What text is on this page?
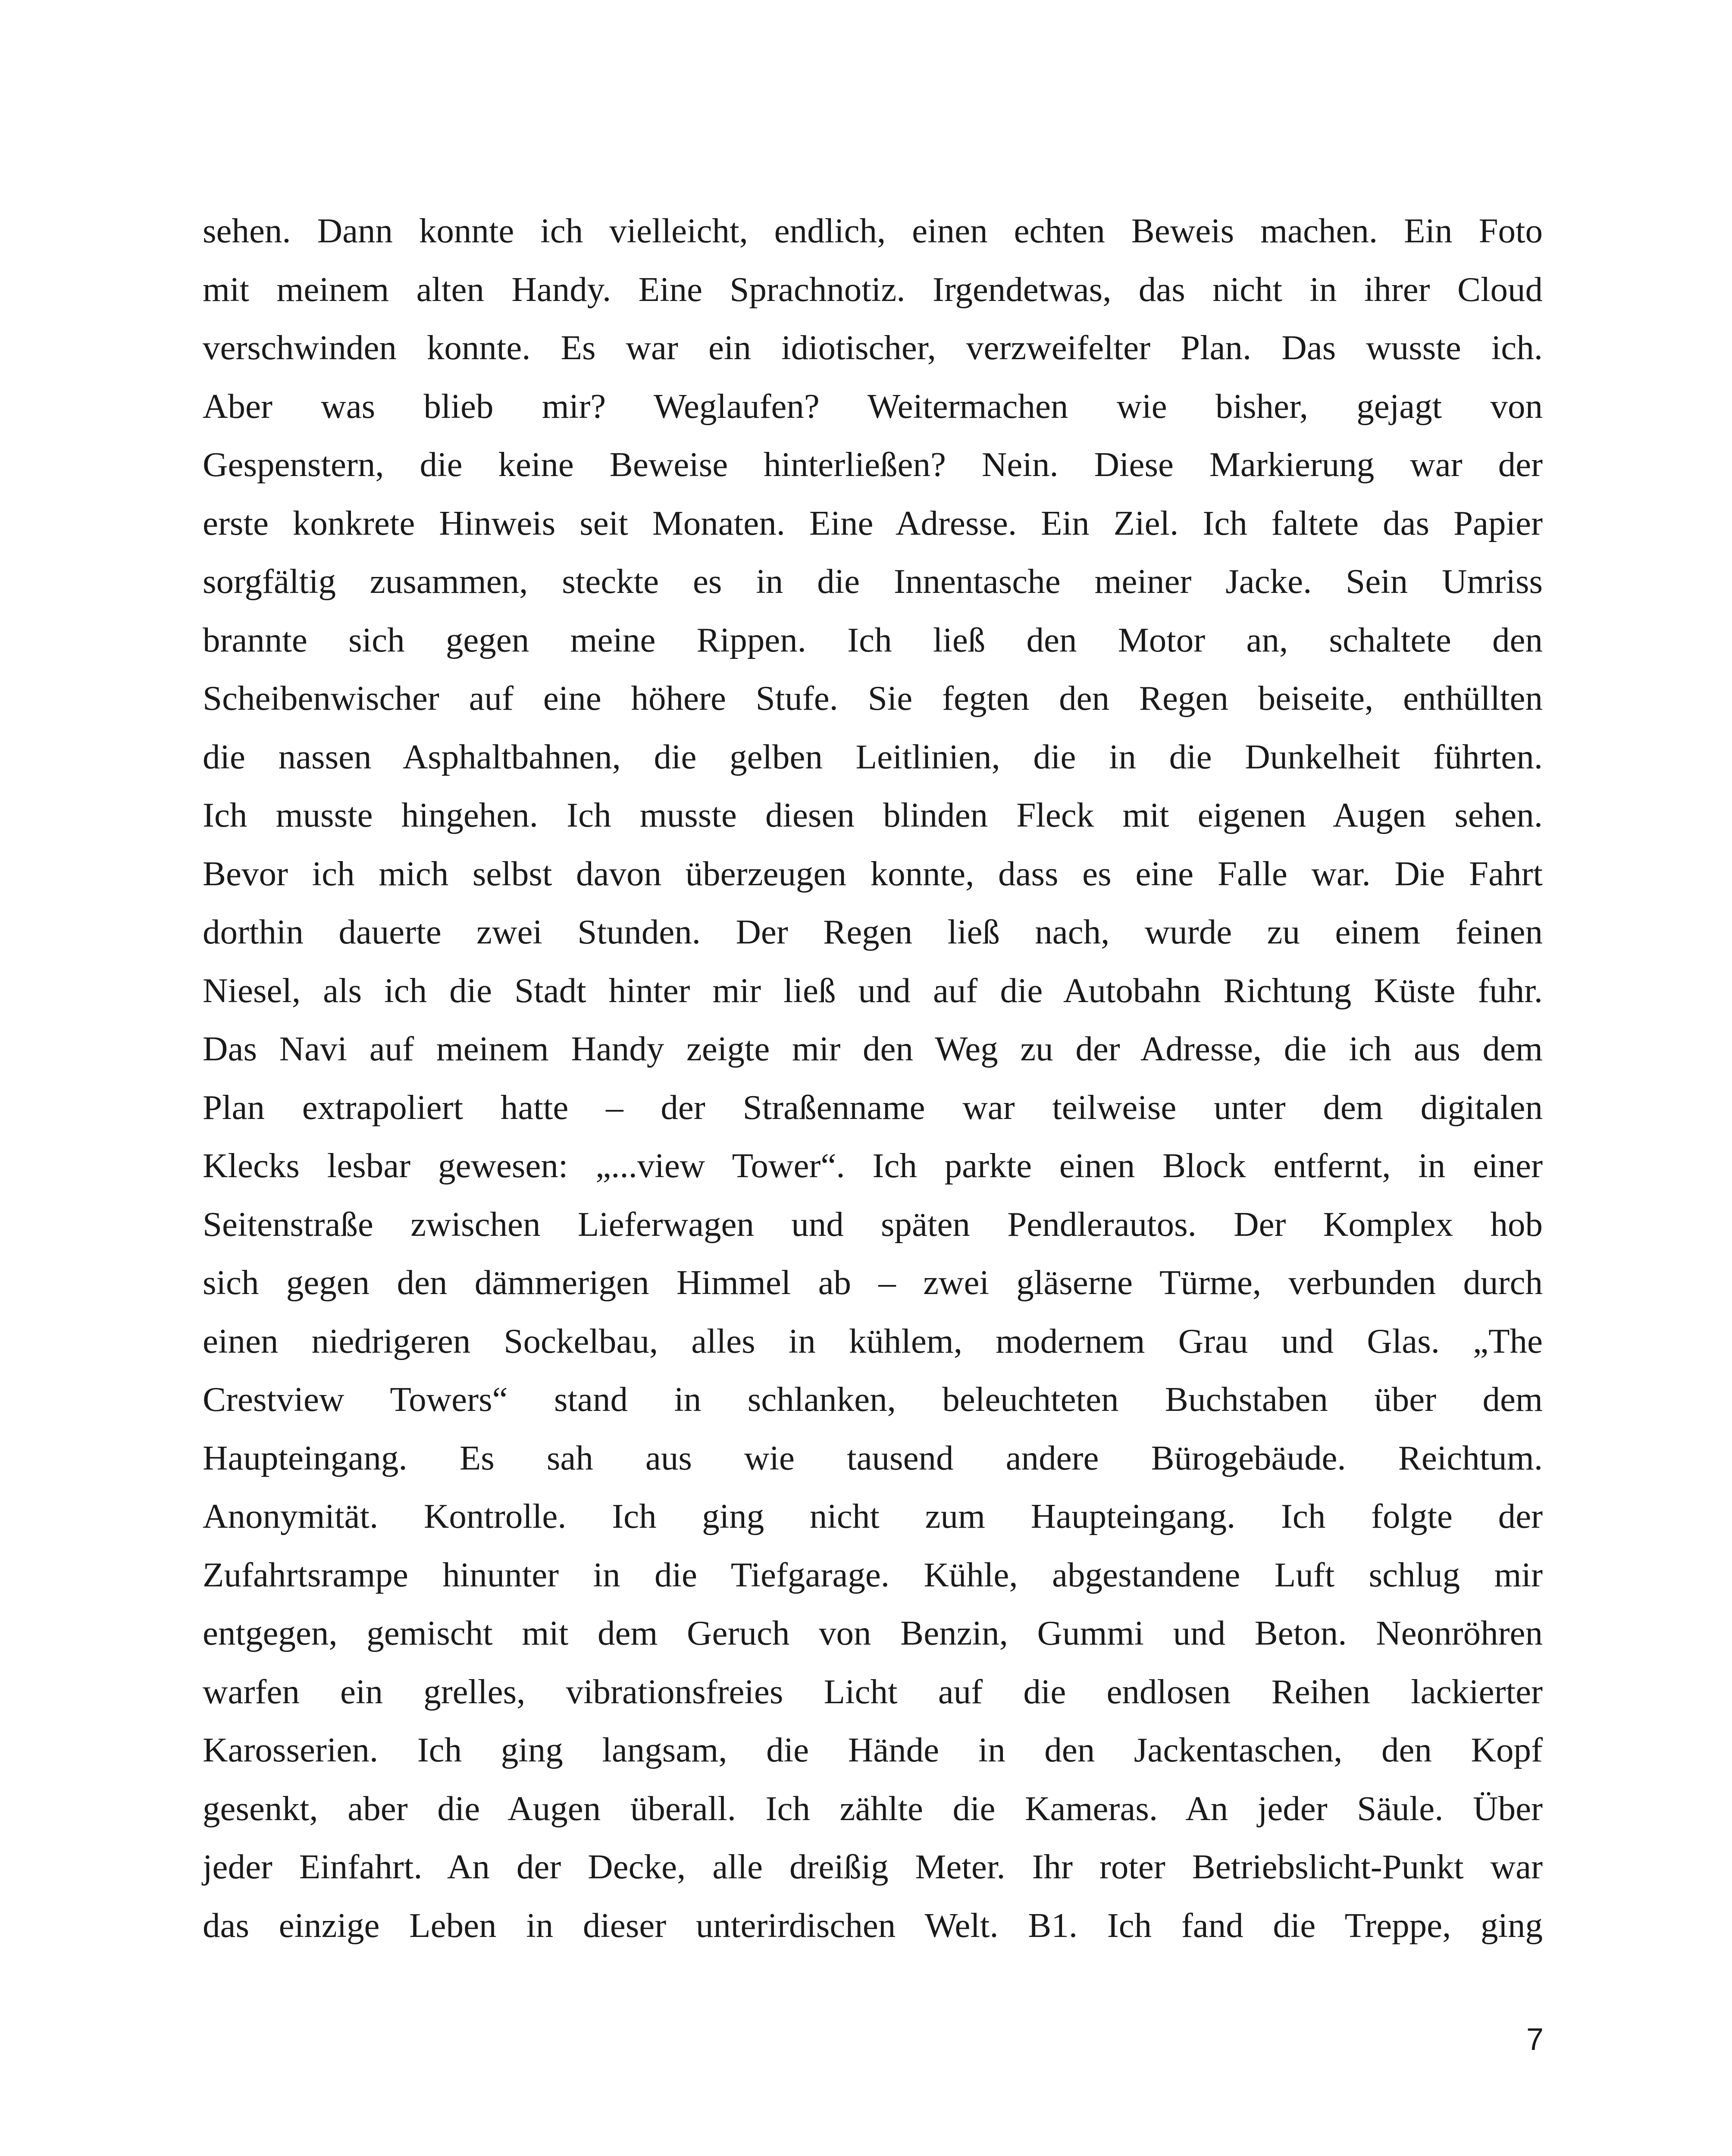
sehen. Dann konnte ich vielleicht, endlich, einen echten Beweis machen. Ein Foto
mit meinem alten Handy. Eine Sprachnotiz. Irgendetwas, das nicht in ihrer Cloud
verschwinden konnte. Es war ein idiotischer, verzweifelter Plan. Das wusste ich.
Aber was blieb mir? Weglaufen? Weitermachen wie bisher, gejagt von
Gespenstern, die keine Beweise hinterließen? Nein. Diese Markierung war der
erste konkrete Hinweis seit Monaten. Eine Adresse. Ein Ziel. Ich faltete das Papier
sorgfältig zusammen, steckte es in die Innentasche meiner Jacke. Sein Umriss
brannte sich gegen meine Rippen. Ich ließ den Motor an, schaltete den
Scheibenwischer auf eine höhere Stufe. Sie fegten den Regen beiseite, enthüllten
die nassen Asphaltbahnen, die gelben Leitlinien, die in die Dunkelheit führten.
Ich musste hingehen. Ich musste diesen blinden Fleck mit eigenen Augen sehen.
Bevor ich mich selbst davon überzeugen konnte, dass es eine Falle war. Die Fahrt
dorthin dauerte zwei Stunden. Der Regen ließ nach, wurde zu einem feinen
Niesel, als ich die Stadt hinter mir ließ und auf die Autobahn Richtung Küste fuhr.
Das Navi auf meinem Handy zeigte mir den Weg zu der Adresse, die ich aus dem
Plan extrapoliert hatte – der Straßenname war teilweise unter dem digitalen
Klecks lesbar gewesen: „...view Tower“. Ich parkte einen Block entfernt, in einer
Seitenstraße zwischen Lieferwagen und späten Pendlerautos. Der Komplex hob
sich gegen den dämmerigen Himmel ab – zwei gläserne Türme, verbunden durch
einen niedrigeren Sockelbau, alles in kühlem, modernem Grau und Glas. „The
Crestview Towers“ stand in schlanken, beleuchteten Buchstaben über dem
Haupteingang. Es sah aus wie tausend andere Bürogebäude. Reichtum.
Anonymität. Kontrolle. Ich ging nicht zum Haupteingang. Ich folgte der
Zufahrtsrampe hinunter in die Tiefgarage. Kühle, abgestandene Luft schlug mir
entgegen, gemischt mit dem Geruch von Benzin, Gummi und Beton. Neonröhren
warfen ein grelles, vibrationsfreies Licht auf die endlosen Reihen lackierter
Karosserien. Ich ging langsam, die Hände in den Jackentaschen, den Kopf
gesenkt, aber die Augen überall. Ich zählte die Kameras. An jeder Säule. Über
jeder Einfahrt. An der Decke, alle dreißig Meter. Ihr roter Betriebslicht-Punkt war
das einzige Leben in dieser unterirdischen Welt. B1. Ich fand die Treppe, ging
7
